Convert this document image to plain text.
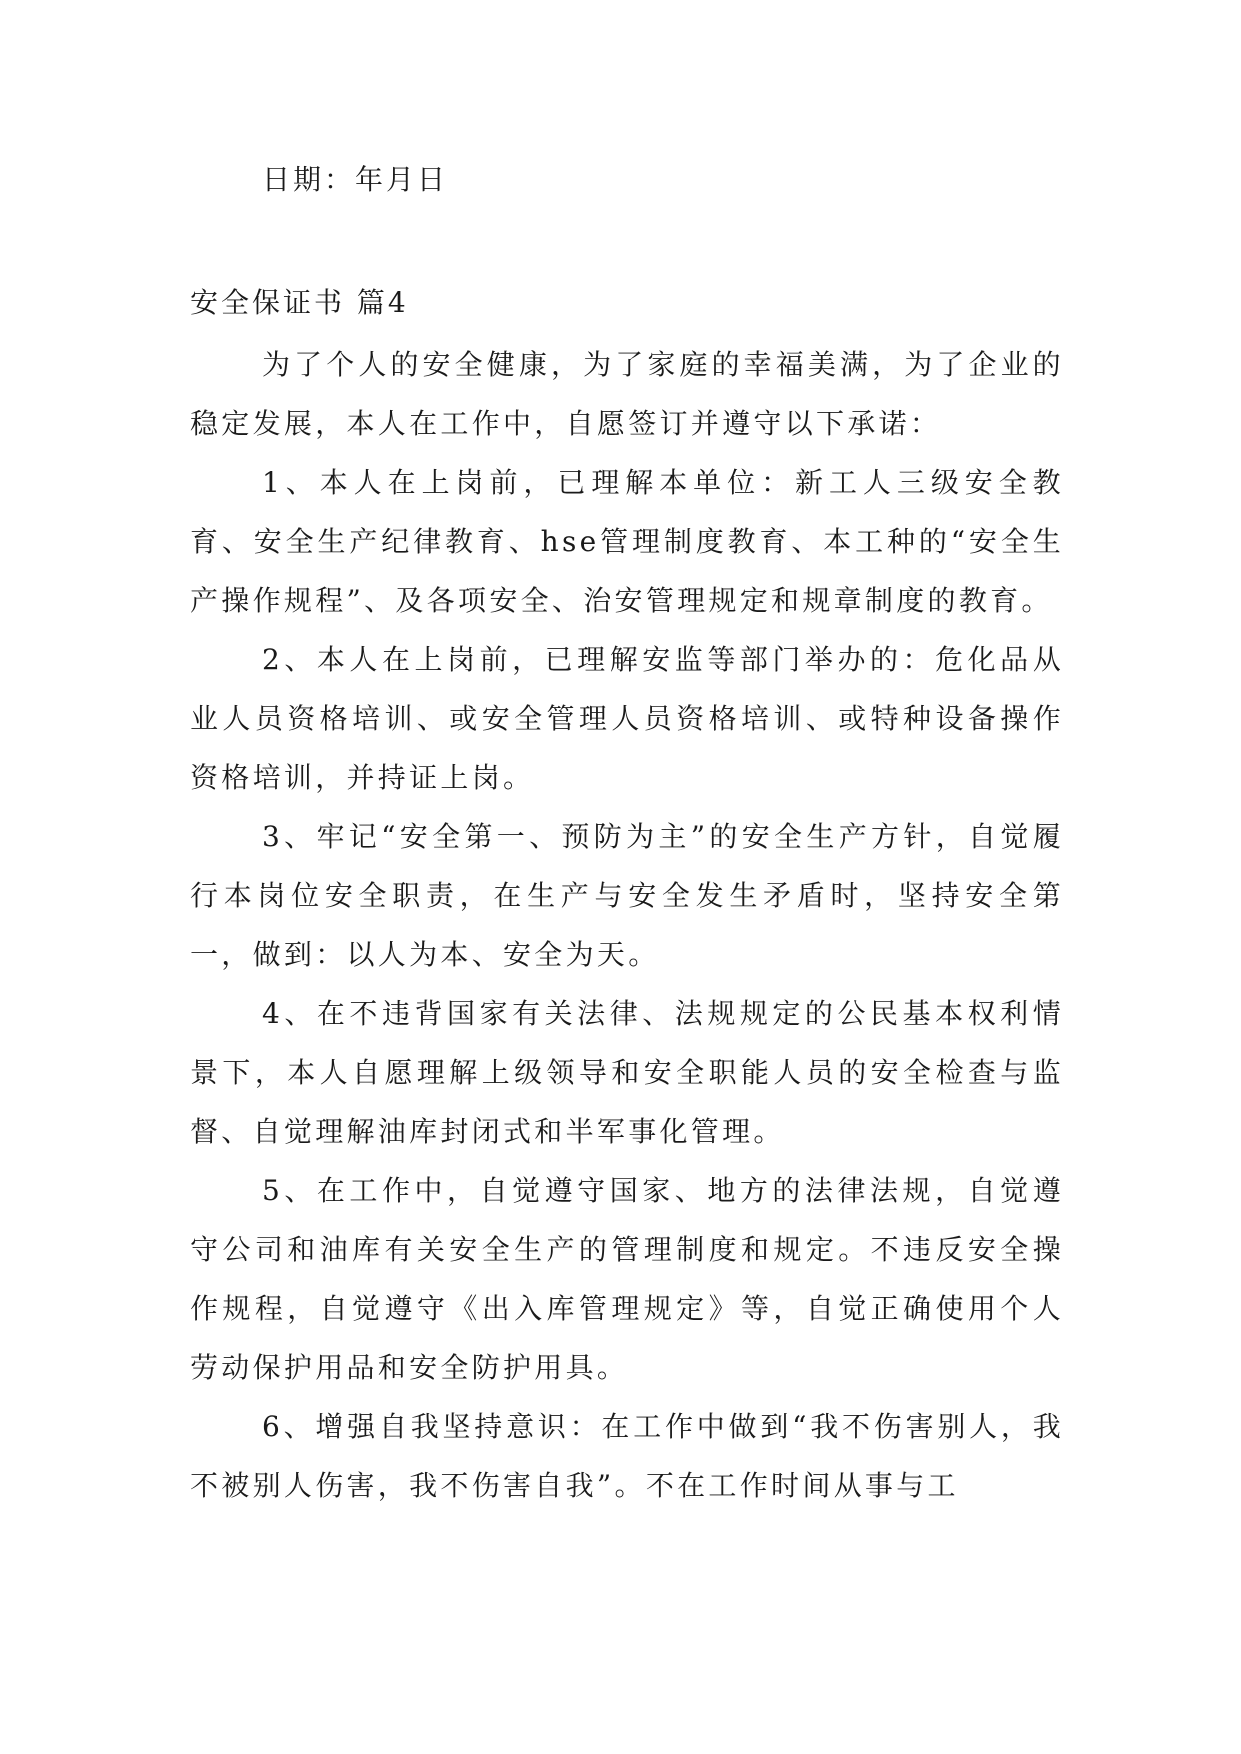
日期：年月日
安全保证书 篇4

为了个人的安全健康，为了家庭的幸福美满，为了企业的稳定发展，本人在工作中，自愿签订并遵守以下承诺：

1、本人在上岗前，已理解本单位：新工人三级安全教育、安全生产纪律教育、hse管理制度教育、本工种的“安全生产操作规程”、及各项安全、治安管理规定和规章制度的教育。

2、本人在上岗前，已理解安监等部门举办的：危化品从业人员资格培训、或安全管理人员资格培训、或特种设备操作资格培训，并持证上岗。

3、牢记“安全第一、预防为主”的安全生产方针，自觉履行本岗位安全职责，在生产与安全发生矛盾时，坚持安全第一，做到：以人为本、安全为天。

4、在不违背国家有关法律、法规规定的公民基本权利情景下，本人自愿理解上级领导和安全职能人员的安全检查与监督、自觉理解油库封闭式和半军事化管理。

5、在工作中，自觉遵守国家、地方的法律法规，自觉遵守公司和油库有关安全生产的管理制度和规定。不违反安全操作规程，自觉遵守《出入库管理规定》等，自觉正确使用个人劳动保护用品和安全防护用具。

6、增强自我坚持意识：在工作中做到“我不伤害别人，我不被别人伤害，我不伤害自我”。不在工作时间从事与工
